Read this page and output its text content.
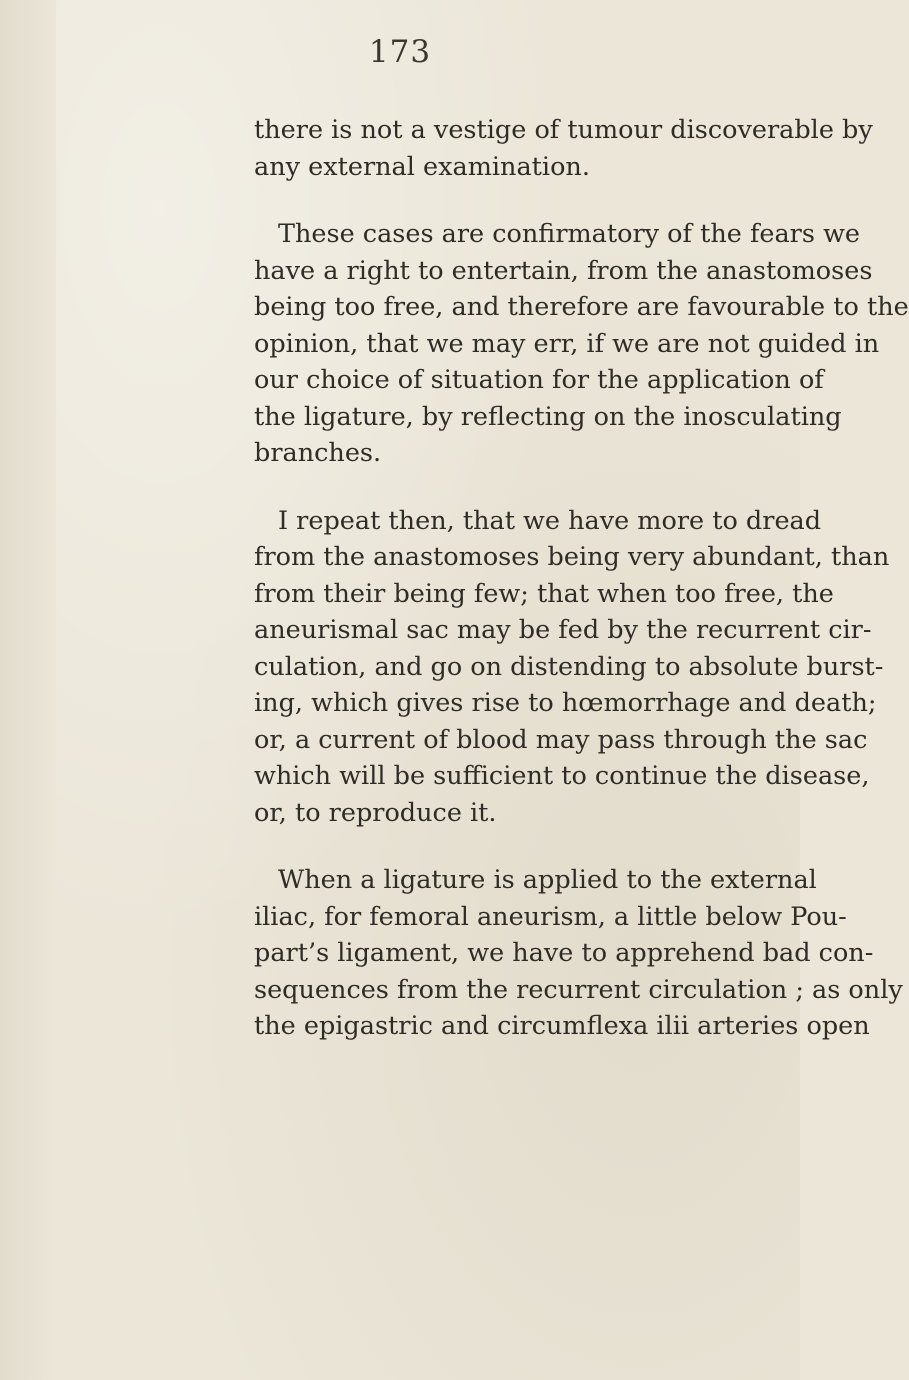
173
there is not a vestige of tumour discoverable by
any external examination.
These cases are confirmatory of the fears we
have a right to entertain, from the anastomoses
being too free, and therefore are favourable to the
opinion, that we may err, if we are not guided in
our choice of situation for the application of
the ligature, by reflecting on the inosculating
branches.
I repeat then, that we have more to dread
from the anastomoses being very abundant, than
from their being few; that when too free, the
aneurismal sac may be fed by the recurrent cir-
culation, and go on distending to absolute burst-
ing, which gives rise to hœmorrhage and death;
or, a current of blood may pass through the sac
which will be sufficient to continue the disease,
or, to reproduce it.
When a ligature is applied to the external
iliac, for femoral aneurism, a little below Pou-
part’s ligament, we have to apprehend bad con-
sequences from the recurrent circulation ; as only
the epigastric and circumflexa ilii arteries open
